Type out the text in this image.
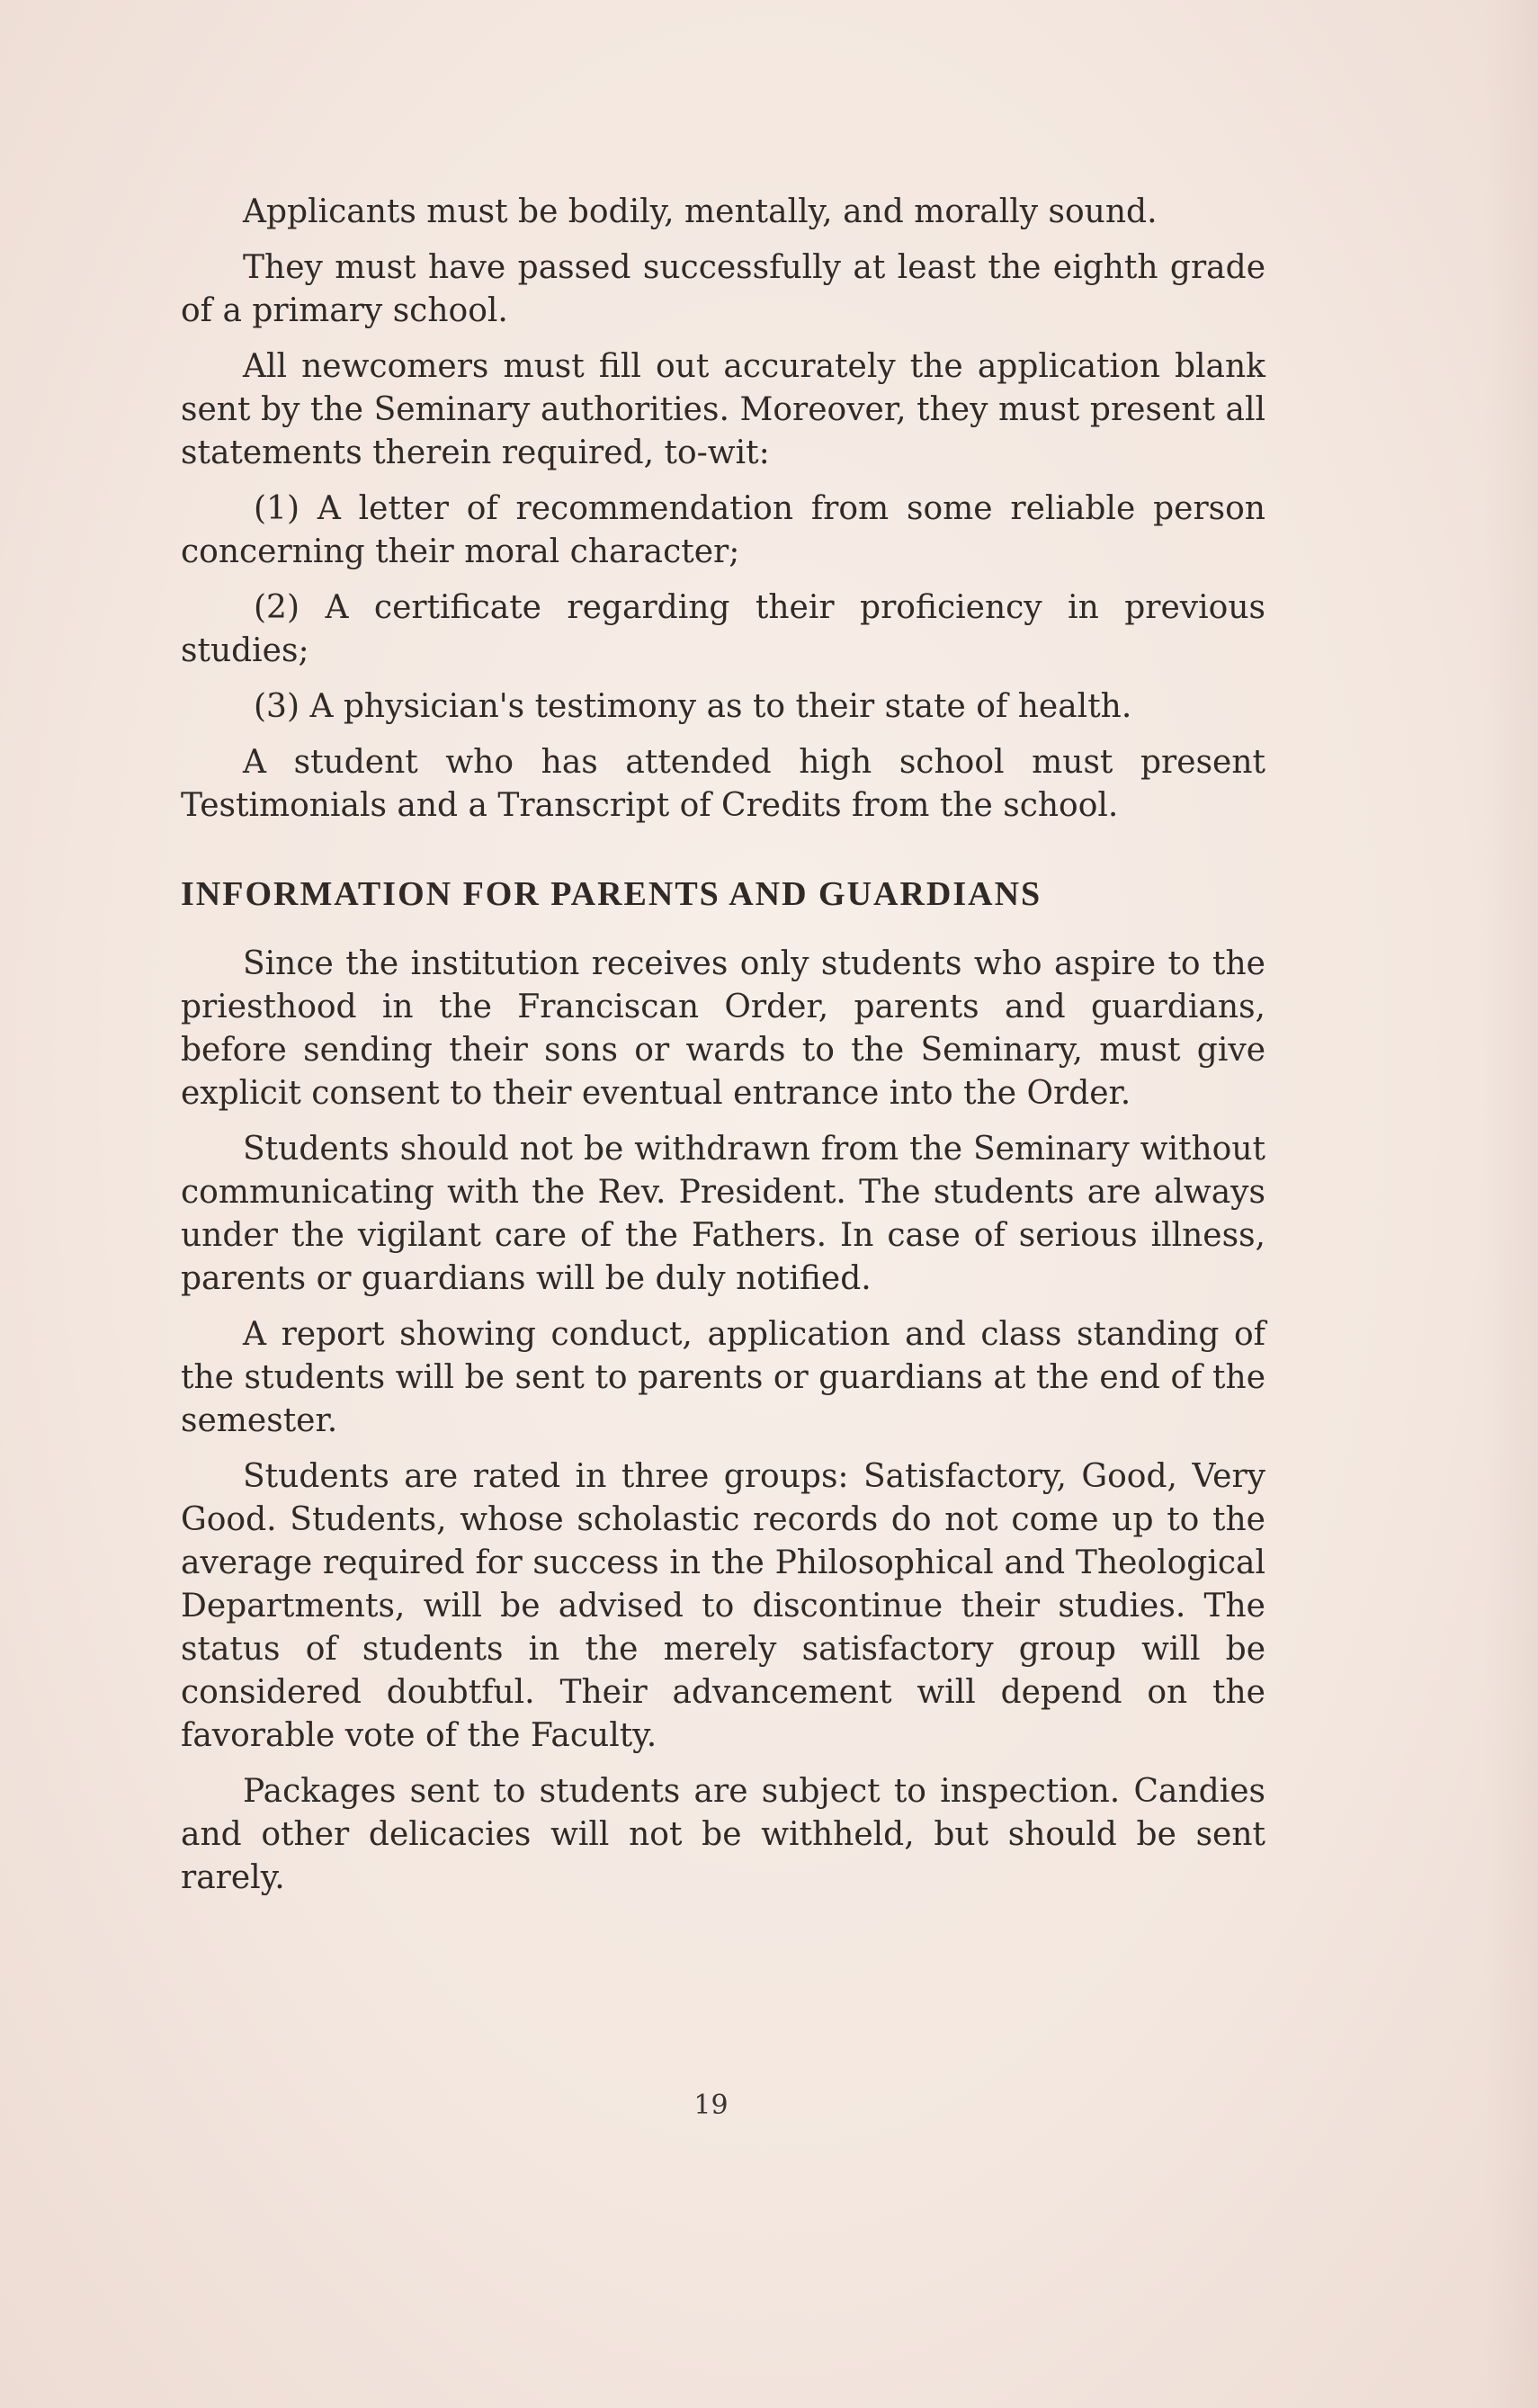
Applicants must be bodily, mentally, and morally sound.

They must have passed successfully at least the eighth grade of a primary school.

All newcomers must fill out accurately the application blank sent by the Seminary authorities. Moreover, they must present all statements therein required, to-wit:

(1) A letter of recommendation from some reliable person concerning their moral character;

(2) A certificate regarding their proficiency in previous studies;

(3) A physician's testimony as to their state of health.

A student who has attended high school must present Testimonials and a Transcript of Credits from the school.

INFORMATION FOR PARENTS AND GUARDIANS

Since the institution receives only students who aspire to the priesthood in the Franciscan Order, parents and guardians, before sending their sons or wards to the Seminary, must give explicit consent to their eventual entrance into the Order.

Students should not be withdrawn from the Seminary without communicating with the Rev. President. The students are always under the vigilant care of the Fathers. In case of serious illness, parents or guardians will be duly notified.

A report showing conduct, application and class standing of the students will be sent to parents or guardians at the end of the semester.

Students are rated in three groups: Satisfactory, Good, Very Good. Students, whose scholastic records do not come up to the average required for success in the Philosophical and Theological Departments, will be advised to discontinue their studies. The status of students in the merely satisfactory group will be considered doubtful. Their advancement will depend on the favorable vote of the Faculty.

Packages sent to students are subject to inspection. Candies and other delicacies will not be withheld, but should be sent rarely.

19
